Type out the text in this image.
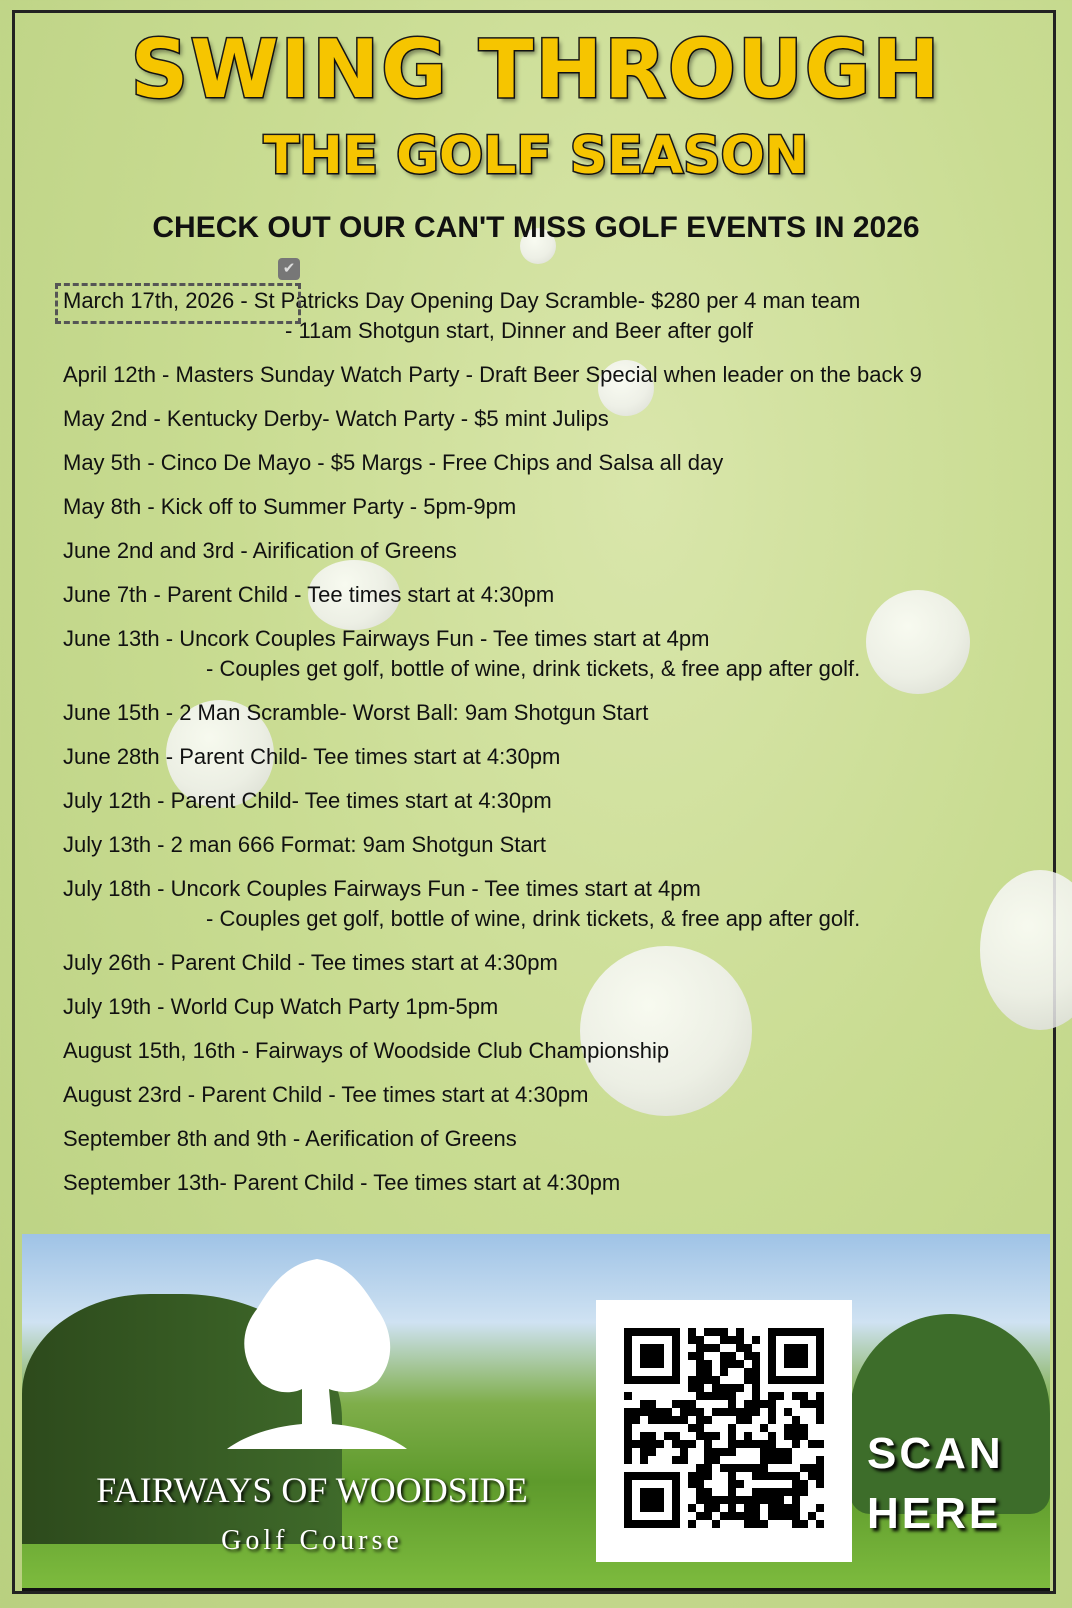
SWING THROUGH
THE GOLF SEASON
CHECK OUT OUR CAN'T MISS GOLF EVENTS IN 2026
March 17th, 2026 - St Patricks Day Opening Day Scramble- $280 per 4 man team
- 11am Shotgun start, Dinner and Beer after golf
April 12th - Masters Sunday Watch Party - Draft Beer Special when leader on the back 9
May 2nd - Kentucky Derby- Watch Party - $5 mint Julips
May 5th - Cinco De Mayo - $5 Margs - Free Chips and Salsa all day
May 8th - Kick off to Summer Party - 5pm-9pm
June 2nd and 3rd - Airification of Greens
June 7th - Parent Child - Tee times start at 4:30pm
June 13th - Uncork Couples Fairways Fun - Tee times start at 4pm
- Couples get golf, bottle of wine, drink tickets, & free app after golf.
June 15th - 2 Man Scramble- Worst Ball: 9am Shotgun Start
June 28th - Parent Child- Tee times start at 4:30pm
July 12th - Parent Child- Tee times start at 4:30pm
July 13th - 2 man 666 Format: 9am Shotgun Start
July 18th - Uncork Couples Fairways Fun - Tee times start at 4pm
- Couples get golf, bottle of wine, drink tickets, & free app after golf.
July 26th - Parent Child - Tee times start at 4:30pm
July 19th - World Cup Watch Party 1pm-5pm
August 15th, 16th - Fairways of Woodside Club Championship
August 23rd - Parent Child - Tee times start at 4:30pm
September 8th and 9th - Aerification of Greens
September 13th- Parent Child - Tee times start at 4:30pm
✔
FAIRWAYS OF WOODSIDE
Golf Course
SCAN
HERE
